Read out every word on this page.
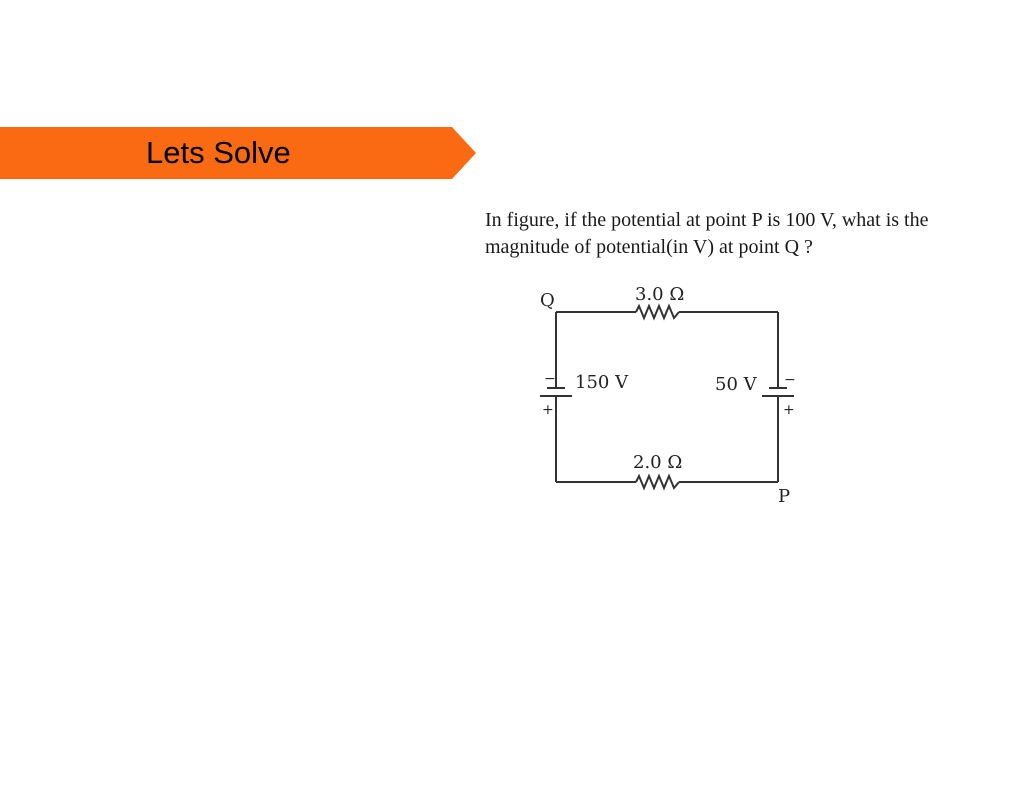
Lets Solve
In figure, if the potential at point P is 100 V, what is the
magnitude of potential(in V) at point Q ?
Q	3.0 Ω
−
+
150 V	50 V −
+
2.0 Ω
P
